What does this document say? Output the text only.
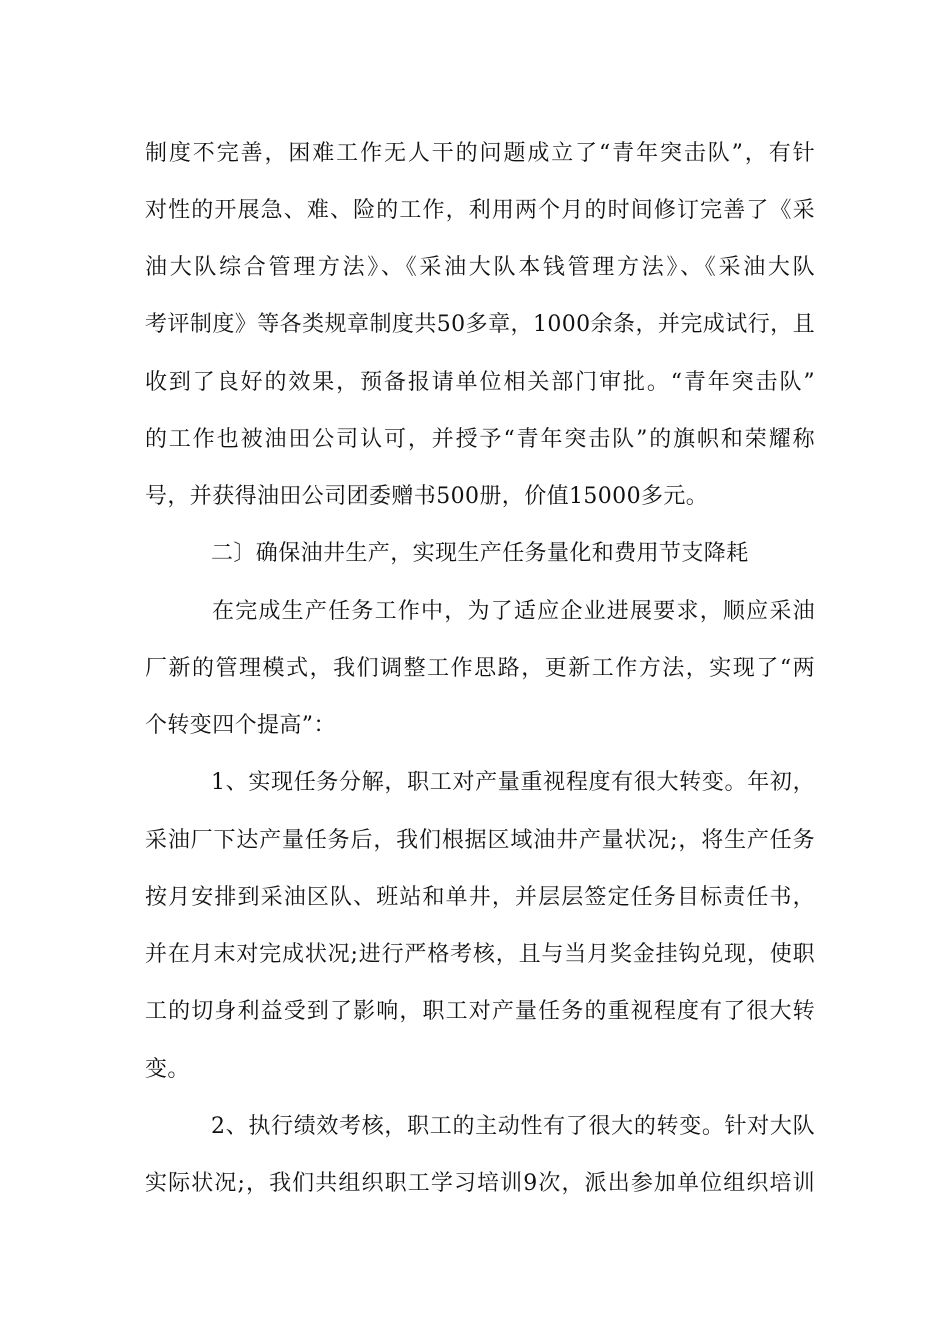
制度不完善，困难工作无人干的问题成立了“青年突击队”，有针
对性的开展急、难、险的工作，利用两个月的时间修订完善了《采
油大队综合管理方法》、《采油大队本钱管理方法》、《采油大队
考评制度》等各类规章制度共50多章，1000余条，并完成试行，且
收到了良好的效果，预备报请单位相关部门审批。“青年突击队”
的工作也被油田公司认可，并授予“青年突击队”的旗帜和荣耀称
号，并获得油田公司团委赠书500册，价值15000多元。
二〕确保油井生产，实现生产任务量化和费用节支降耗
在完成生产任务工作中，为了适应企业进展要求，顺应采油
厂新的管理模式，我们调整工作思路，更新工作方法，实现了“两
个转变四个提高”：
1、实现任务分解，职工对产量重视程度有很大转变。年初，
采油厂下达产量任务后，我们根据区域油井产量状况;，将生产任务
按月安排到采油区队、班站和单井，并层层签定任务目标责任书，
并在月末对完成状况;进行严格考核，且与当月奖金挂钩兑现，使职
工的切身利益受到了影响，职工对产量任务的重视程度有了很大转
变。
2、执行绩效考核，职工的主动性有了很大的转变。针对大队
实际状况;，我们共组织职工学习培训9次，派出参加单位组织培训
